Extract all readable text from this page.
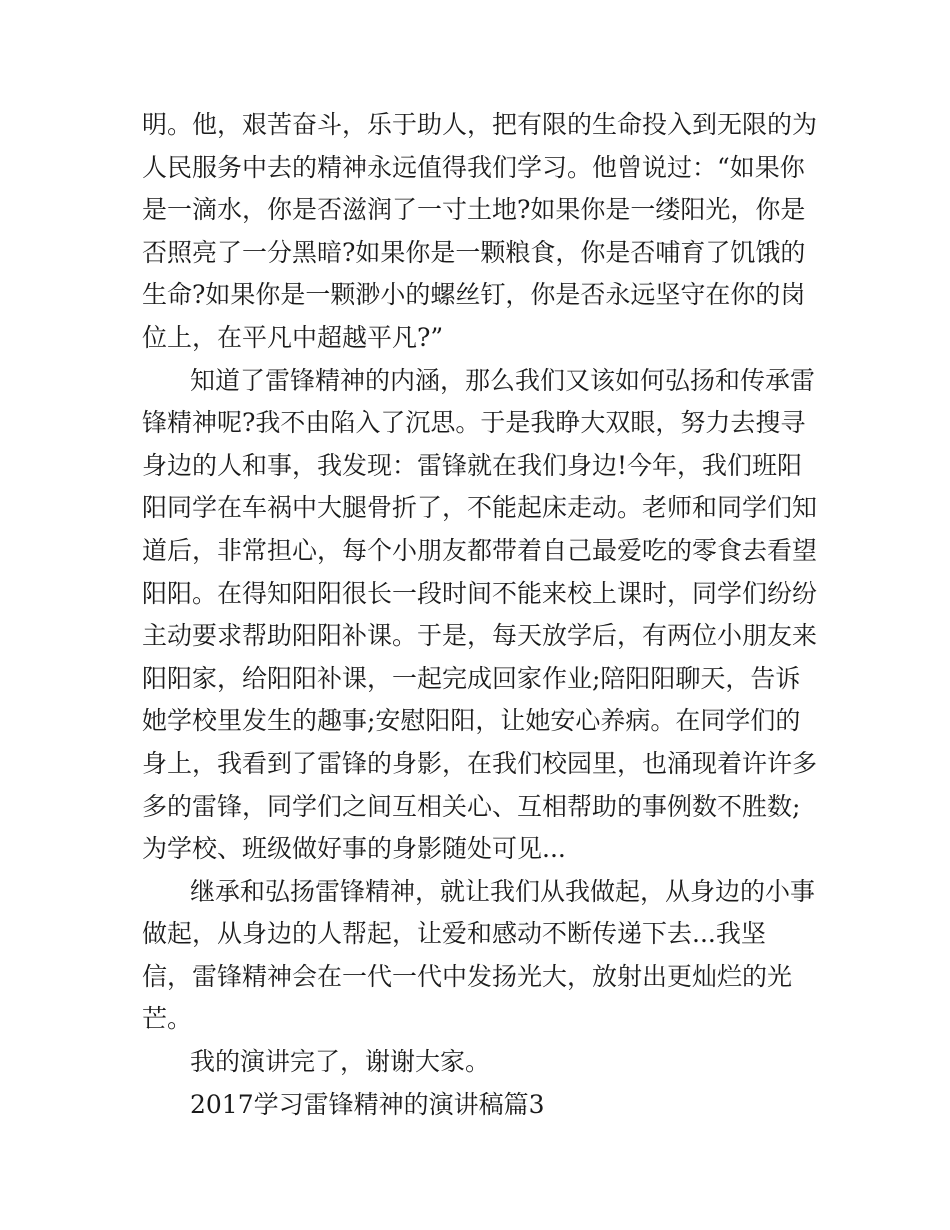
明。他，艰苦奋斗，乐于助人，把有限的生命投入到无限的为
人民服务中去的精神永远值得我们学习。他曾说过：“如果你
是一滴水，你是否滋润了一寸土地?如果你是一缕阳光，你是
否照亮了一分黑暗?如果你是一颗粮食，你是否哺育了饥饿的
生命?如果你是一颗渺小的螺丝钉，你是否永远坚守在你的岗
位上，在平凡中超越平凡?”
知道了雷锋精神的内涵，那么我们又该如何弘扬和传承雷
锋精神呢?我不由陷入了沉思。于是我睁大双眼，努力去搜寻
身边的人和事，我发现：雷锋就在我们身边!今年，我们班阳
阳同学在车祸中大腿骨折了，不能起床走动。老师和同学们知
道后，非常担心，每个小朋友都带着自己最爱吃的零食去看望
阳阳。在得知阳阳很长一段时间不能来校上课时，同学们纷纷
主动要求帮助阳阳补课。于是，每天放学后，有两位小朋友来
阳阳家，给阳阳补课，一起完成回家作业;陪阳阳聊天，告诉
她学校里发生的趣事;安慰阳阳，让她安心养病。在同学们的
身上，我看到了雷锋的身影，在我们校园里，也涌现着许许多
多的雷锋，同学们之间互相关心、互相帮助的事例数不胜数;
为学校、班级做好事的身影随处可见...
继承和弘扬雷锋精神，就让我们从我做起，从身边的小事
做起，从身边的人帮起，让爱和感动不断传递下去...我坚
信，雷锋精神会在一代一代中发扬光大，放射出更灿烂的光
芒。
我的演讲完了，谢谢大家。
2017学习雷锋精神的演讲稿篇3
